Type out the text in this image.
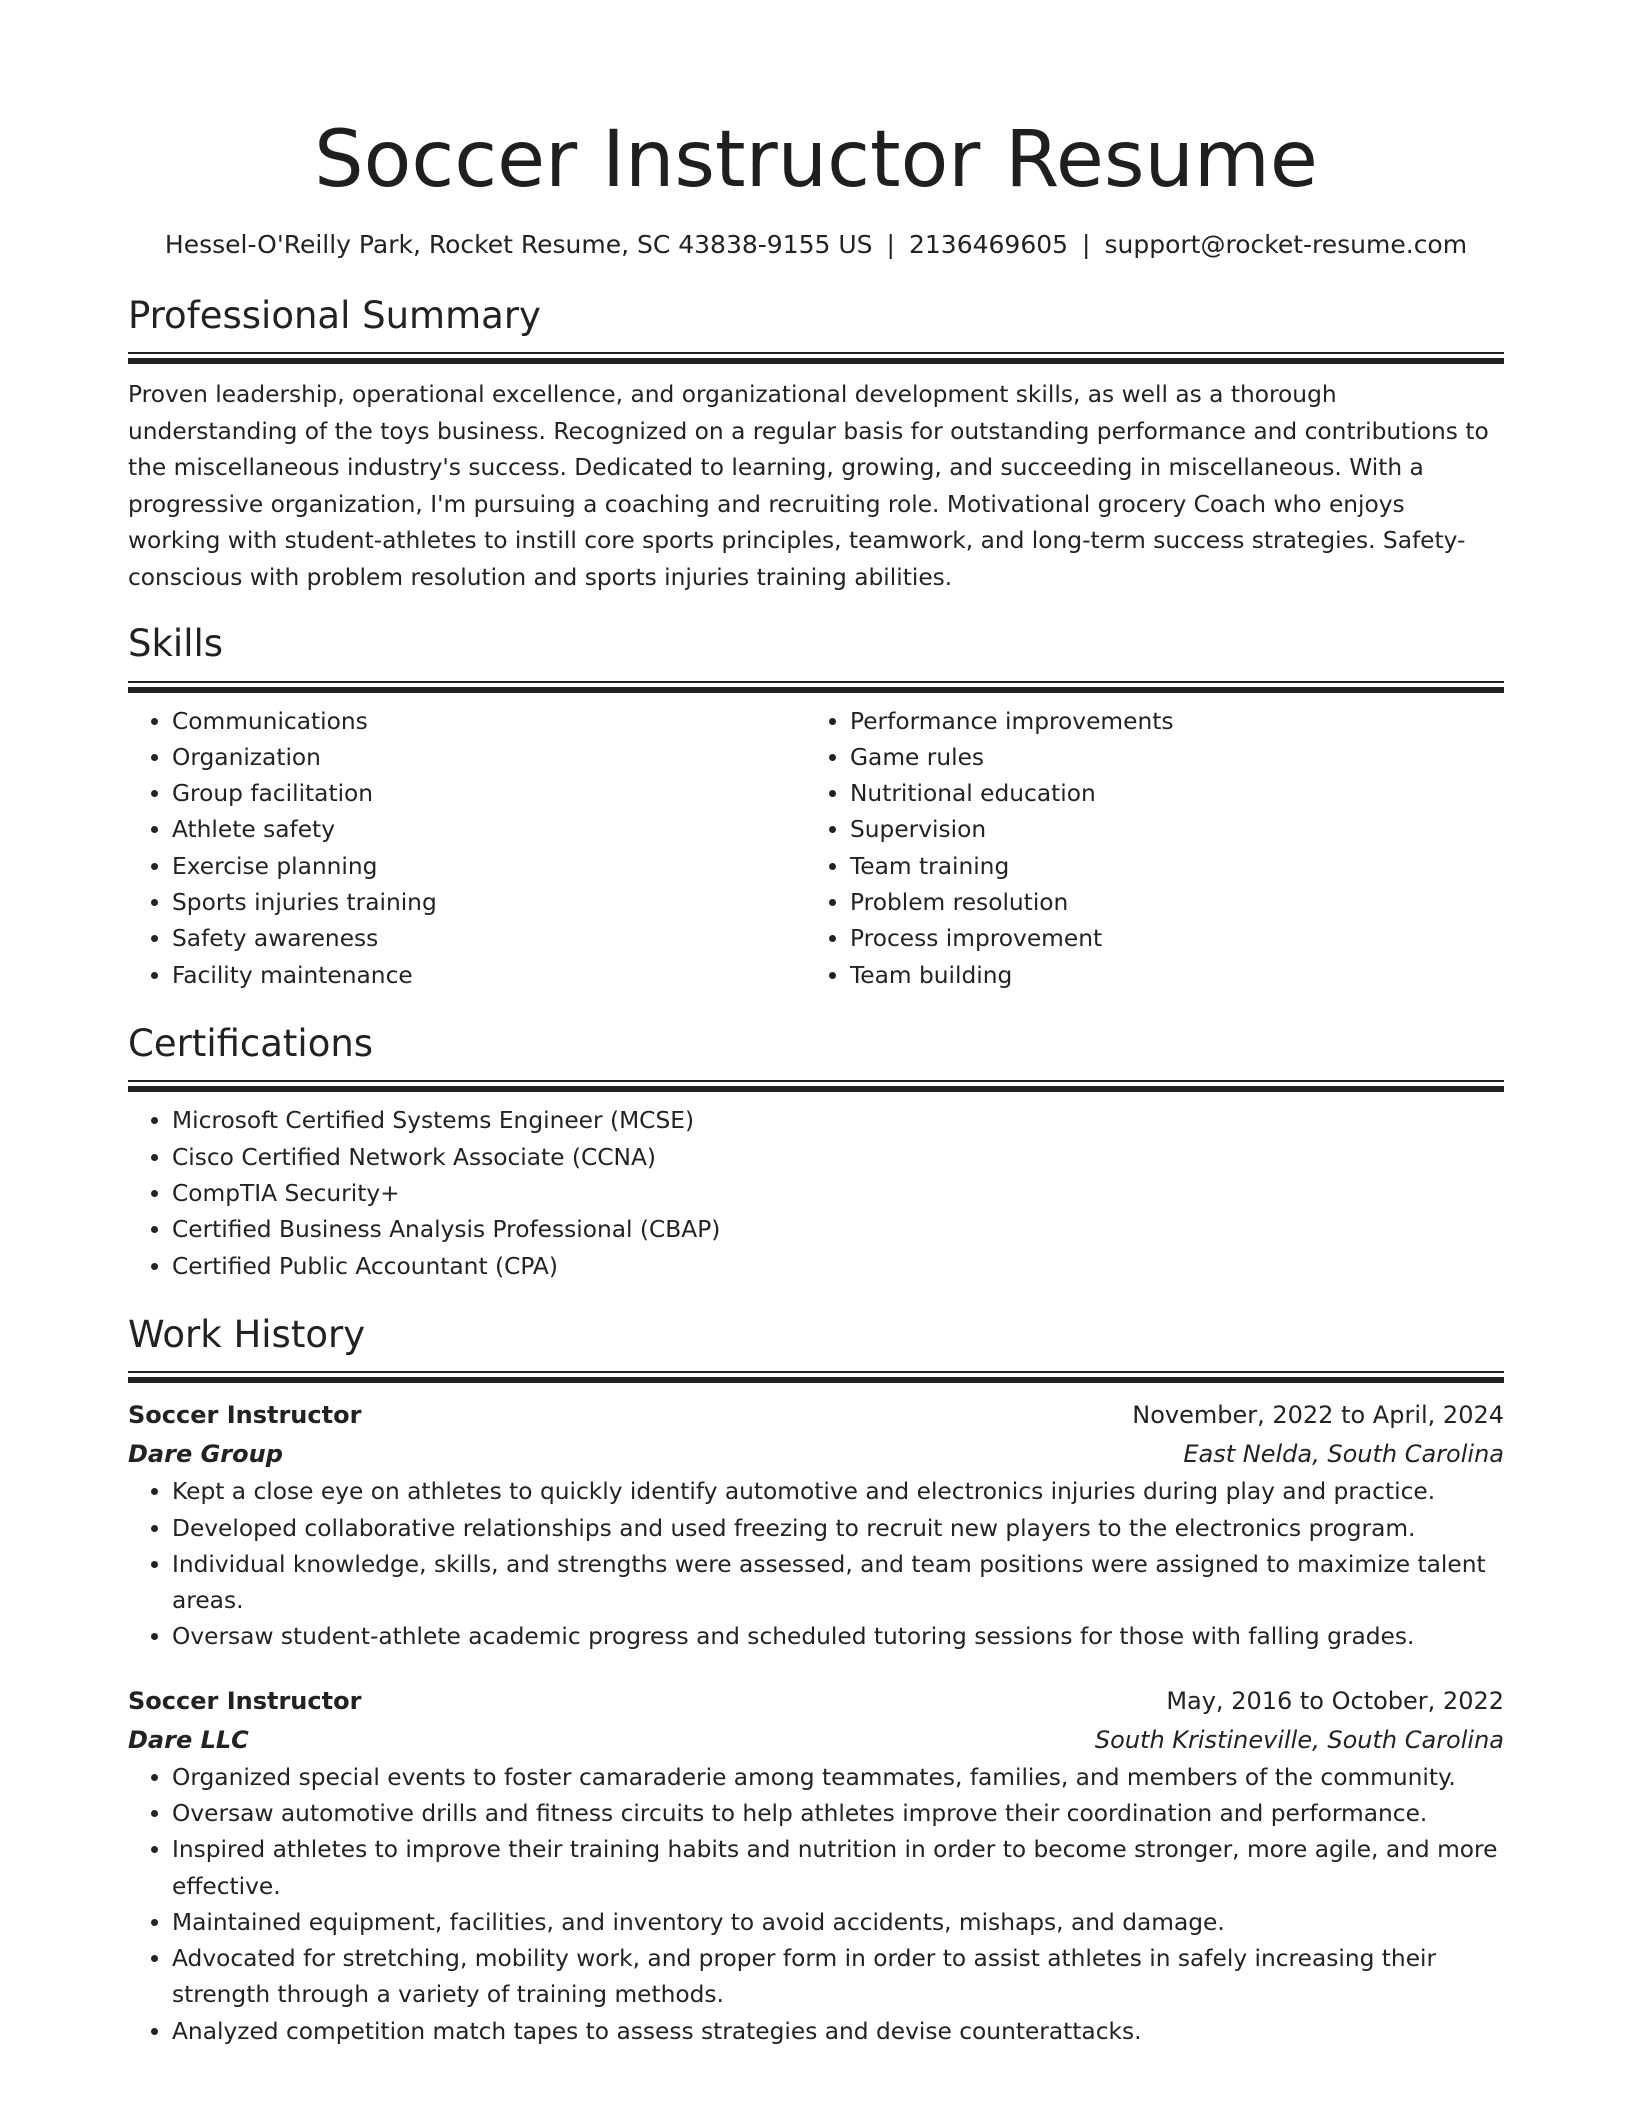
Soccer Instructor Resume
Hessel-O'Reilly Park, Rocket Resume, SC 43838-9155 US | 2136469605 | support@rocket-resume.com
Professional Summary

Proven leadership, operational excellence, and organizational development skills, as well as a thorough understanding of the toys business. Recognized on a regular basis for outstanding performance and contributions to the miscellaneous industry's success. Dedicated to learning, growing, and succeeding in miscellaneous. With a progressive organization, I'm pursuing a coaching and recruiting role. Motivational grocery Coach who enjoys working with student-athletes to instill core sports principles, teamwork, and long-term success strategies. Safety-conscious with problem resolution and sports injuries training abilities.

Skills
• Communications
• Organization
• Group facilitation
• Athlete safety
• Exercise planning
• Sports injuries training
• Safety awareness
• Facility maintenance
• Performance improvements
• Game rules
• Nutritional education
• Supervision
• Team training
• Problem resolution
• Process improvement
• Team building
Certifications
• Microsoft Certified Systems Engineer (MCSE)
• Cisco Certified Network Associate (CCNA)
• CompTIA Security+
• Certified Business Analysis Professional (CBAP)
• Certified Public Accountant (CPA)
Work History
Soccer Instructor	November, 2022 to April, 2024
Dare Group	East Nelda, South Carolina
• Kept a close eye on athletes to quickly identify automotive and electronics injuries during play and practice.
• Developed collaborative relationships and used freezing to recruit new players to the electronics program.
• Individual knowledge, skills, and strengths were assessed, and team positions were assigned to maximize talent areas.
• Oversaw student-athlete academic progress and scheduled tutoring sessions for those with falling grades.
Soccer Instructor	May, 2016 to October, 2022
Dare LLC	South Kristineville, South Carolina
• Organized special events to foster camaraderie among teammates, families, and members of the community.
• Oversaw automotive drills and fitness circuits to help athletes improve their coordination and performance.
• Inspired athletes to improve their training habits and nutrition in order to become stronger, more agile, and more effective.
• Maintained equipment, facilities, and inventory to avoid accidents, mishaps, and damage.
• Advocated for stretching, mobility work, and proper form in order to assist athletes in safely increasing their strength through a variety of training methods.
• Analyzed competition match tapes to assess strategies and devise counterattacks.
